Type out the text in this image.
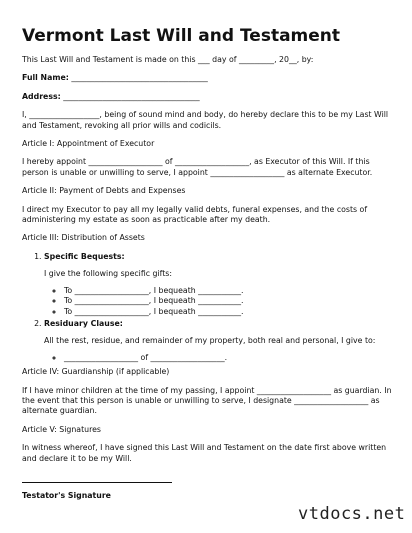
Vermont Last Will and Testament

This Last Will and Testament is made on this ___ day of _________, 20__, by:

Full Name: ___________________________________

Address: ___________________________________

I, __________________, being of sound mind and body, do hereby declare this to be my Last Will and Testament, revoking all prior wills and codicils.

Article I: Appointment of Executor

I hereby appoint ___________________ of ___________________, as Executor of this Will. If this person is unable or unwilling to serve, I appoint ___________________ as alternate Executor.

Article II: Payment of Debts and Expenses

I direct my Executor to pay all my legally valid debts, funeral expenses, and the costs of administering my estate as soon as practicable after my death.

Article III: Distribution of Assets

1. Specific Bequests:

I give the following specific gifts:

◦ To ___________________, I bequeath ___________.
◦ To ___________________, I bequeath ___________.
◦ To ___________________, I bequeath ___________.
2. Residuary Clause:

All the rest, residue, and remainder of my property, both real and personal, I give to:

◦ ___________________ of ___________________.

Article IV: Guardianship (if applicable)

If I have minor children at the time of my passing, I appoint ___________________ as guardian. In the event that this person is unable or unwilling to serve, I designate ___________________ as alternate guardian.

Article V: Signatures

In witness whereof, I have signed this Last Will and Testament on the date first above written and declare it to be my Will.

Testator's Signature
vtdocs.net
